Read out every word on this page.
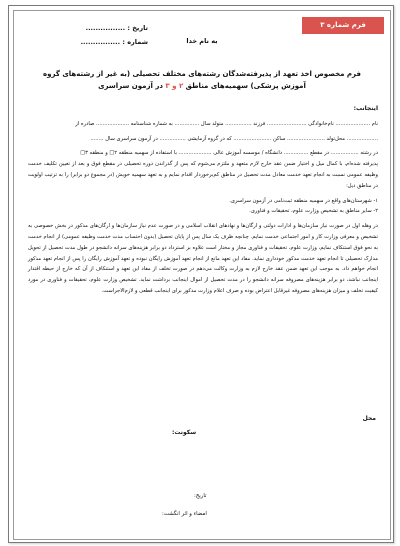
فرم شماره ۳
تاریخ : ................
شماره : ................	به نام خدا
فرم مخصوص اخذ تعهد از پذیرفته‌شدگان رشته‌های مختلف تحصیلی (به غیر از رشته‌های گروه آموزش پزشکی) سهمیه‌های مناطق ۲ و ۳ در آزمون سراسری

اینجانب:

نام ..................... نام‌خانوادگی ........................ فرزند ................ متولد سال ............... به شماره شناسنامه .................... صادره از

................... محل‌تولد ....................... ساکن ....................... که در گروه آزمایشی ................ در آزمون سراسری سال ........

در رشته ................. در مقطع ............... دانشگاه / موسسه آموزش عالی .................... با استفاده از سهمیه منطقه ۲□ و منطقه ۳□

پذیرفته شده‌ام، با کمال میل و اختیار ضمن عقد خارج لازم متعهد و ملتزم می‌شوم که پس از گذراندن دوره تحصیلی در مقطع فوق و بعد از تعیین تکلیف خدمت وظیفه عمومی نسبت به انجام تعهد خدمت معادل مدت تحصیل در مناطق کم‌برخوردار اقدام نمایم و به تعهد سهمیه خویش (در مجموع دو برابر) را به ترتیب اولویت در مناطق ذیل:

۱- شهرستان‌های واقع در سهمیه منطقه ثبت‌نامی در آزمون سراسری.

۲- سایر مناطق به تشخیص وزارت علوم، تحقیقات و فناوری.

در وهله اول در صورت نیاز سازمان‌ها و ادارات دولتی و ارگان‌ها و نهادهای انقلاب اسلامی و در صورت عدم نیاز سازمان‌ها و ارگان‌های مذکور در بخش خصوصی به تشخیص و معرفی وزارت کار و امور اجتماعی خدمت نمایم. چنانچه ظرف یک سال پس از پایان تحصیل (بدون احتساب مدت خدمت وظیفه عمومی) از انجام خدمت به نحو فوق استنکاف نمایم، وزارت علوم، تحقیقات و فناوری مجاز و مختار است علاوه بر استرداد دو برابر هزینه‌های سرانه دانشجو در طول مدت تحصیل از تحویل مدارک تحصیلی تا انجام تعهد خدمت مذکور خودداری نماید. مفاد این تعهد مانع از انجام تعهد آموزش رایگان نبوده و تعهد آموزش رایگان را پس از انجام تعهد مذکور انجام خواهم داد. به موجب این تعهد ضمن عقد خارج لازم به وزارت وکالت می‌دهم در صورت تخلف از مفاد این تعهد و استنکاف از آن که خارج از حیطه اقتدار اینجانب نباشد، دو برابر هزینه‌های مصروفه سرانه دانشجو را در مدت تحصیل از اموال اینجانب برداشت نماید. تشخیص وزارت علوم، تحقیقات و فناوری در مورد کیفیت تخلف و میزان هزینه‌های مصروفه غیرقابل اعتراض بوده و صرف اعلام وزارت مذکور برای اینجانب قطعی و لازم‌الاجراست.

محل
سکونت:
تاریخ:
امضاء و اثر انگشت:
